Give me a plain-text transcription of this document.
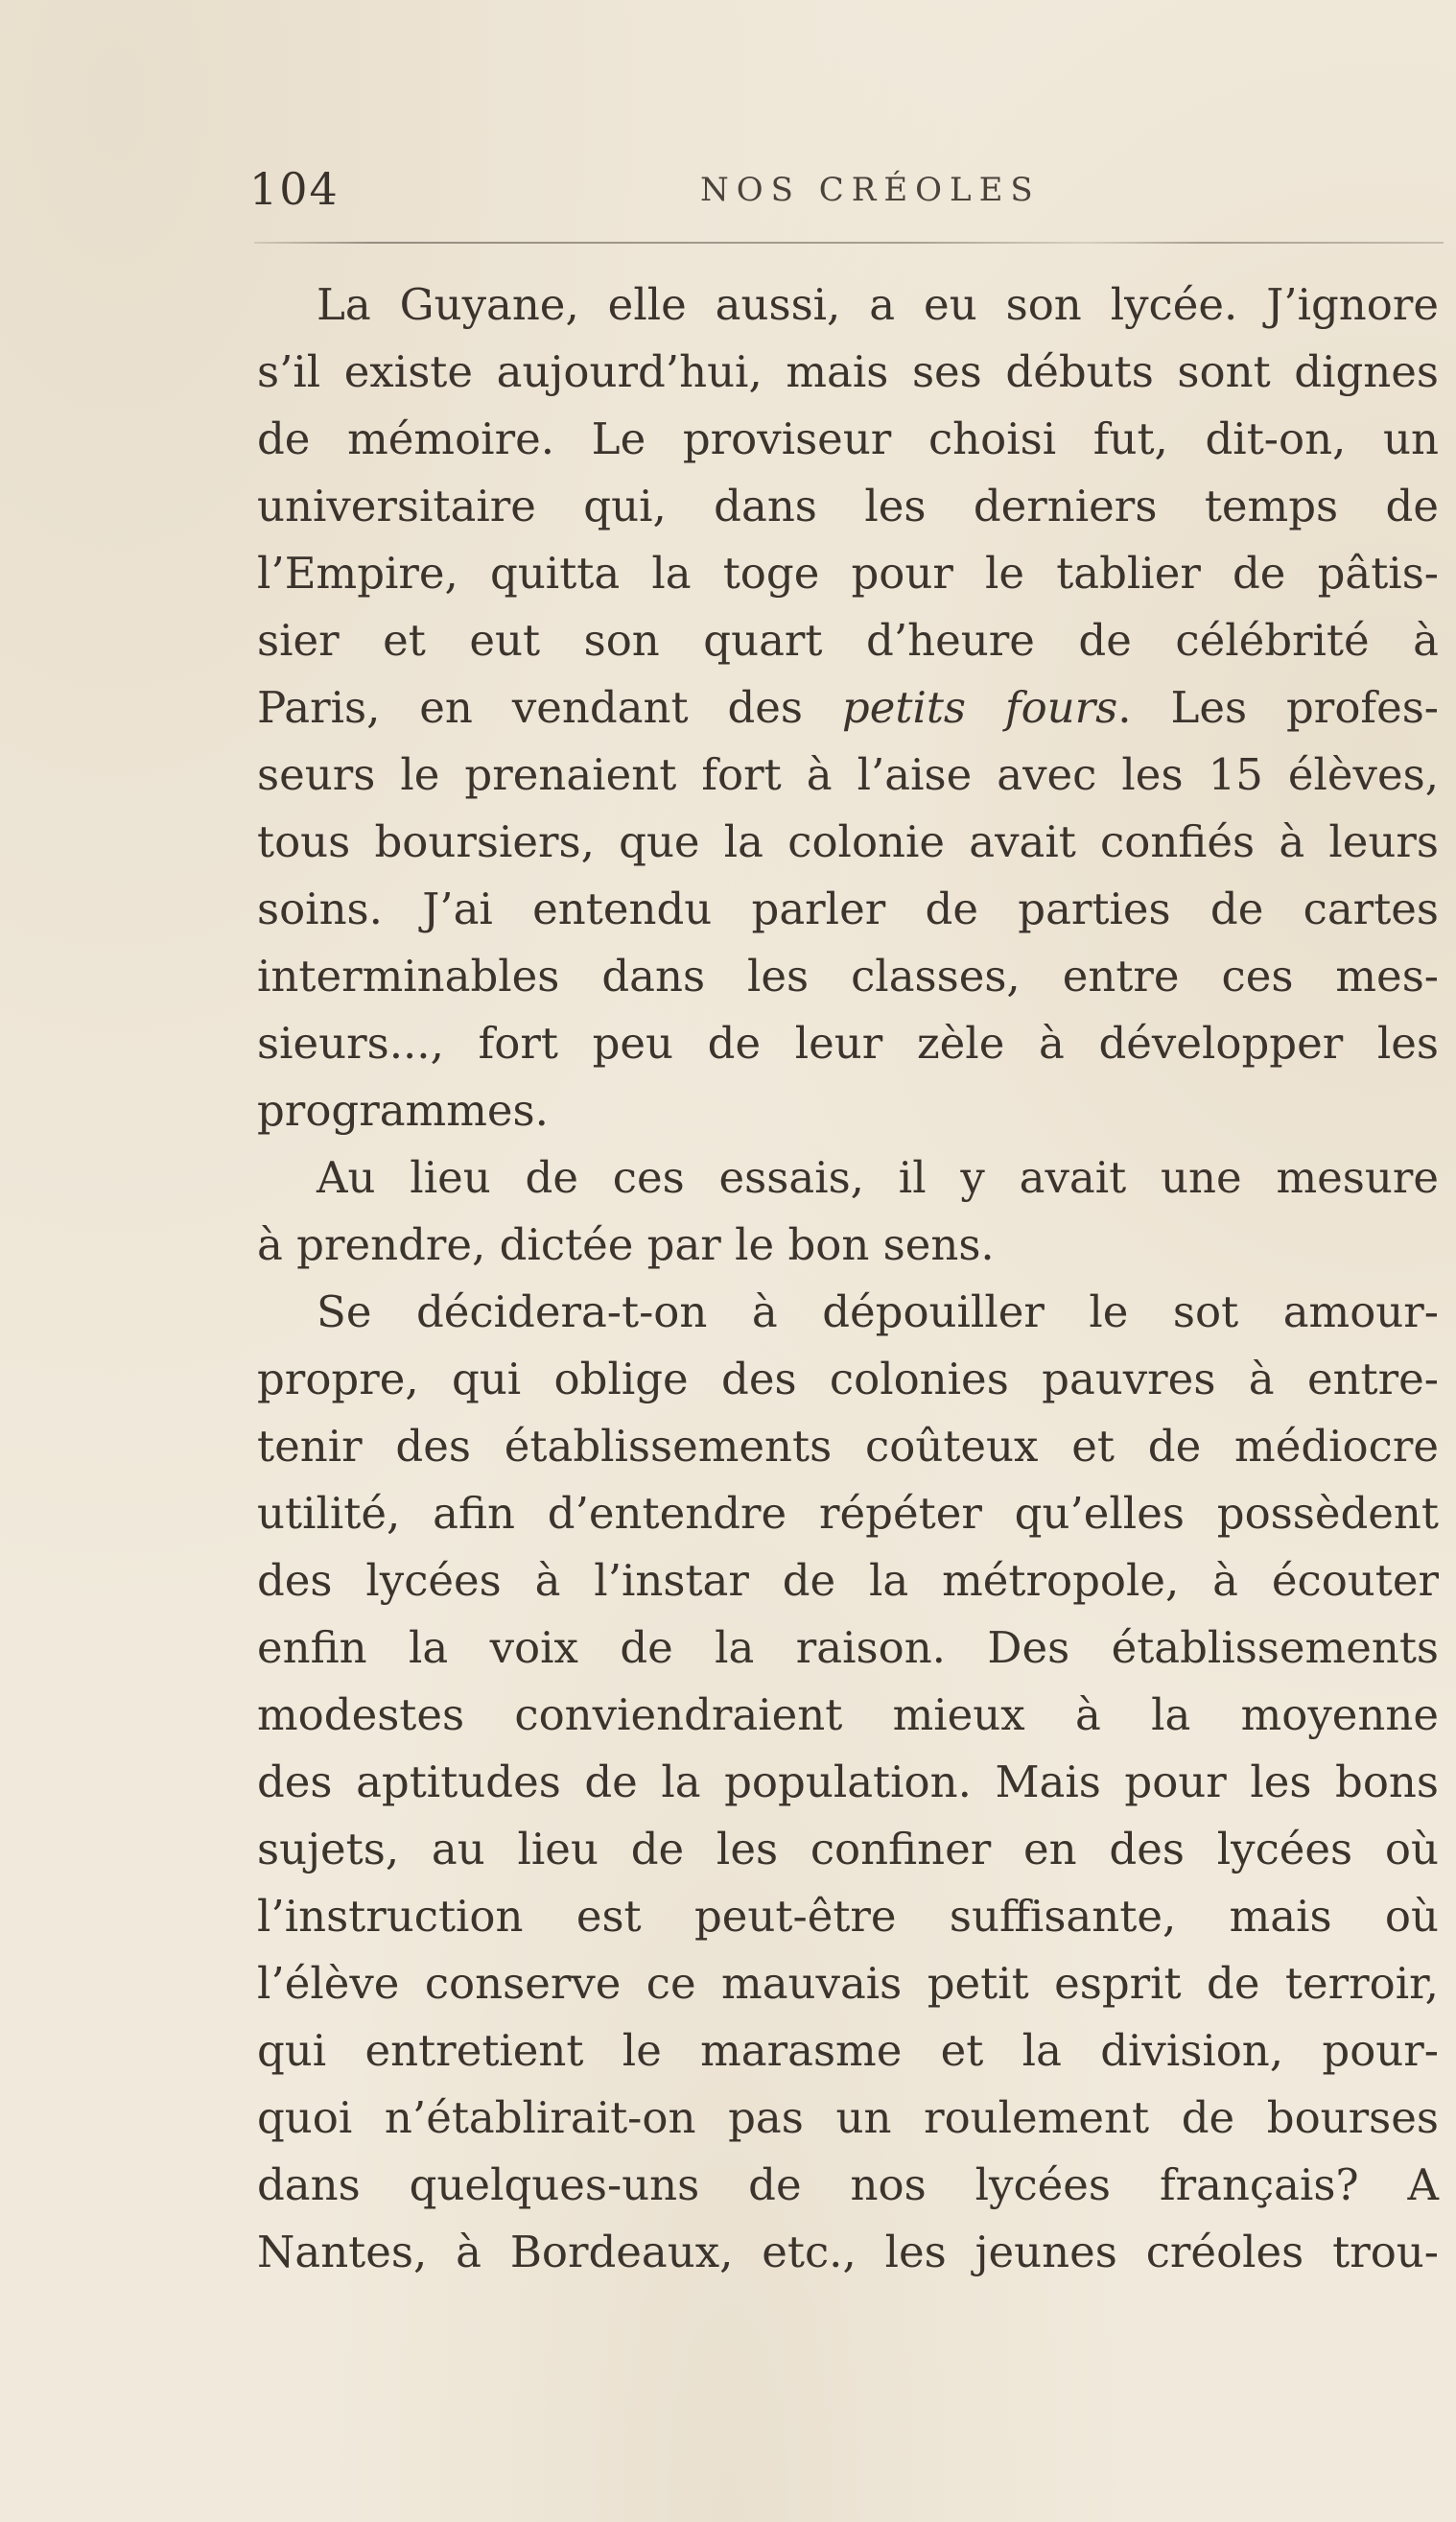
104	NOS CRÉOLES
La Guyane, elle aussi, a eu son lycée. J’ignore
s’il existe aujourd’hui, mais ses débuts sont dignes
de mémoire. Le proviseur choisi fut, dit-on, un
universitaire qui, dans les derniers temps de
l’Empire, quitta la toge pour le tablier de pâtis-
sier et eut son quart d’heure de célébrité à
Paris, en vendant des petits fours. Les profes-
seurs le prenaient fort à l’aise avec les 15 élèves,
tous boursiers, que la colonie avait confiés à leurs
soins. J’ai entendu parler de parties de cartes
interminables dans les classes, entre ces mes-
sieurs..., fort peu de leur zèle à développer les
programmes.
Au lieu de ces essais, il y avait une mesure
à prendre, dictée par le bon sens.
Se décidera-t-on à dépouiller le sot amour-
propre, qui oblige des colonies pauvres à entre-
tenir des établissements coûteux et de médiocre
utilité, afin d’entendre répéter qu’elles possèdent
des lycées à l’instar de la métropole, à écouter
enfin la voix de la raison. Des établissements
modestes conviendraient mieux à la moyenne
des aptitudes de la population. Mais pour les bons
sujets, au lieu de les confiner en des lycées où
l’instruction est peut-être suffisante, mais où
l’élève conserve ce mauvais petit esprit de terroir,
qui entretient le marasme et la division, pour-
quoi n’établirait-on pas un roulement de bourses
dans quelques-uns de nos lycées français? A
Nantes, à Bordeaux, etc., les jeunes créoles trou-
